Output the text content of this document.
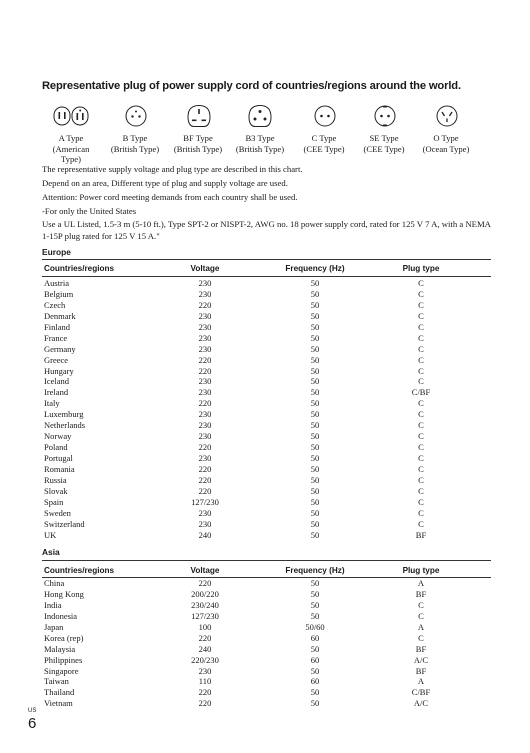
Representative plug of power supply cord of countries/regions around the world.
A Type
(American
Type)
B Type
(British Type)
BF Type
(British Type)
B3 Type
(British Type)
C Type
(CEE Type)
SE Type
(CEE Type)
O Type
(Ocean Type)
The representative supply voltage and plug type are described in this chart.
Depend on an area, Different type of plug and supply voltage are used.
Attention: Power cord meeting demands from each country shall be used.
-For only the United States
Use a UL Listed, 1.5-3 m (5-10 ft.), Type SPT-2 or NISPT-2, AWG no. 18 power supply cord, rated for 125 V 7 A, with a NEMA 1-15P plug rated for 125 V 15 A."
Europe
Countries/regions	Voltage	Frequency (Hz)	Plug type
Austria	230	50	C
Belgium	230	50	C
Czech	220	50	C
Denmark	230	50	C
Finland	230	50	C
France	230	50	C
Germany	230	50	C
Greece	220	50	C
Hungary	220	50	C
Iceland	230	50	C
Ireland	230	50	C/BF
Italy	220	50	C
Luxemburg	230	50	C
Netherlands	230	50	C
Norway	230	50	C
Poland	220	50	C
Portugal	230	50	C
Romania	220	50	C
Russia	220	50	C
Slovak	220	50	C
Spain	127/230	50	C
Sweden	230	50	C
Switzerland	230	50	C
UK	240	50	BF
Asia
Countries/regions	Voltage	Frequency (Hz)	Plug type
China	220	50	A
Hong Kong	200/220	50	BF
India	230/240	50	C
Indonesia	127/230	50	C
Japan	100	50/60	A
Korea (rep)	220	60	C
Malaysia	240	50	BF
Philippines	220/230	60	A/C
Singapore	230	50	BF
Taiwan	110	60	A
Thailand	220	50	C/BF
Vietnam	220	50	A/C
US
6
